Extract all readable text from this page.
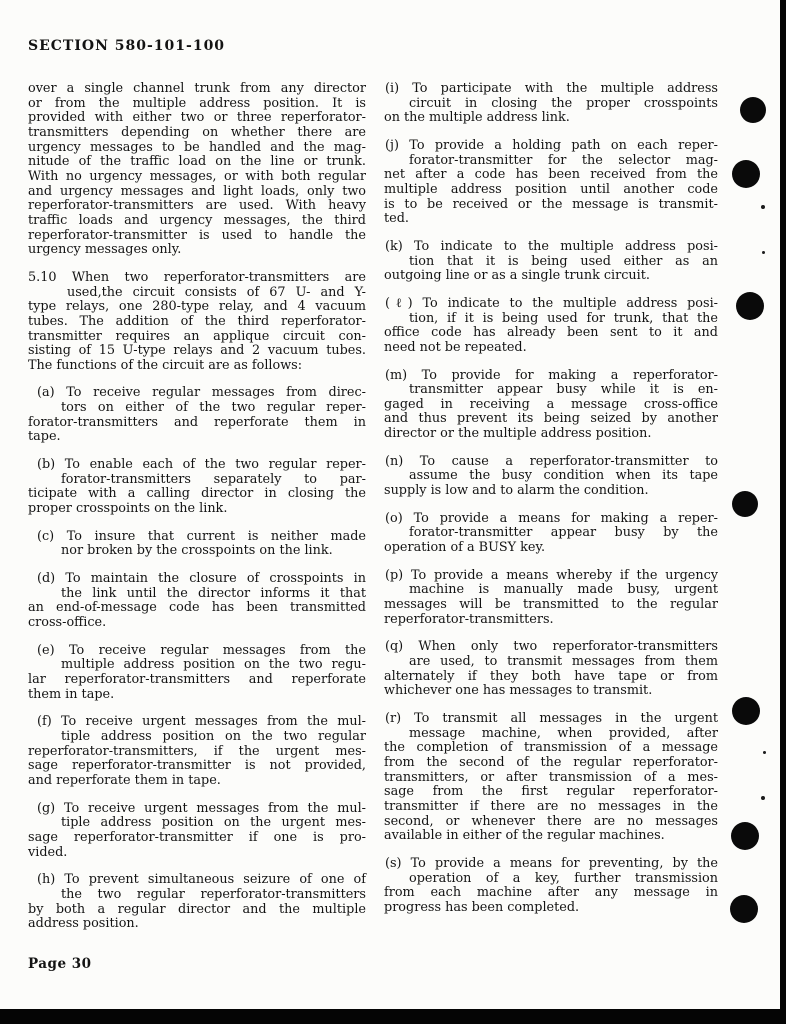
SECTION 580-101-100
over a single channel trunk from any director
or from the multiple address position. It is
provided with either two or three reperforator-
transmitters depending on whether there are
urgency messages to be handled and the mag-
nitude of the traffic load on the line or trunk.
With no urgency messages, or with both regular
and urgency messages and light loads, only two
reperforator-transmitters are used. With heavy
traffic loads and urgency messages, the third
reperforator-transmitter is used to handle the
urgency messages only.
5.10 When two reperforator-transmitters are
used,the circuit consists of 67 U- and Y-
type relays, one 280-type relay, and 4 vacuum
tubes. The addition of the third reperforator-
transmitter requires an applique circuit con-
sisting of 15 U-type relays and 2 vacuum tubes.
The functions of the circuit are as follows:
(a) To receive regular messages from direc-
tors on either of the two regular reper-
forator-transmitters and reperforate them in
tape.
(b) To enable each of the two regular reper-
forator-transmitters separately to par-
ticipate with a calling director in closing the
proper crosspoints on the link.
(c) To insure that current is neither made
nor broken by the crosspoints on the link.
(d) To maintain the closure of crosspoints in
the link until the director informs it that
an end-of-message code has been transmitted
cross-office.
(e) To receive regular messages from the
multiple address position on the two regu-
lar reperforator-transmitters and reperforate
them in tape.
(f) To receive urgent messages from the mul-
tiple address position on the two regular
reperforator-transmitters, if the urgent mes-
sage reperforator-transmitter is not provided,
and reperforate them in tape.
(g) To receive urgent messages from the mul-
tiple address position on the urgent mes-
sage reperforator-transmitter if one is pro-
vided.
(h) To prevent simultaneous seizure of one of
the two regular reperforator-transmitters
by both a regular director and the multiple
address position.
(i) To participate with the multiple address
circuit in closing the proper crosspoints
on the multiple address link.
(j) To provide a holding path on each reper-
forator-transmitter for the selector mag-
net after a code has been received from the
multiple address position until another code
is to be received or the message is transmit-
ted.
(k) To indicate to the multiple address posi-
tion that it is being used either as an
outgoing line or as a single trunk circuit.
(ℓ) To indicate to the multiple address posi-
tion, if it is being used for trunk, that the
office code has already been sent to it and
need not be repeated.
(m) To provide for making a reperforator-
transmitter appear busy while it is en-
gaged in receiving a message cross-office
and thus prevent its being seized by another
director or the multiple address position.
(n) To cause a reperforator-transmitter to
assume the busy condition when its tape
supply is low and to alarm the condition.
(o) To provide a means for making a reper-
forator-transmitter appear busy by the
operation of a BUSY key.
(p) To provide a means whereby if the urgency
machine is manually made busy, urgent
messages will be transmitted to the regular
reperforator-transmitters.
(q) When only two reperforator-transmitters
are used, to transmit messages from them
alternately if they both have tape or from
whichever one has messages to transmit.
(r) To transmit all messages in the urgent
message machine, when provided, after
the completion of transmission of a message
from the second of the regular reperforator-
transmitters, or after transmission of a mes-
sage from the first regular reperforator-
transmitter if there are no messages in the
second, or whenever there are no messages
available in either of the regular machines.
(s) To provide a means for preventing, by the
operation of a key, further transmission
from each machine after any message in
progress has been completed.
Page 30
